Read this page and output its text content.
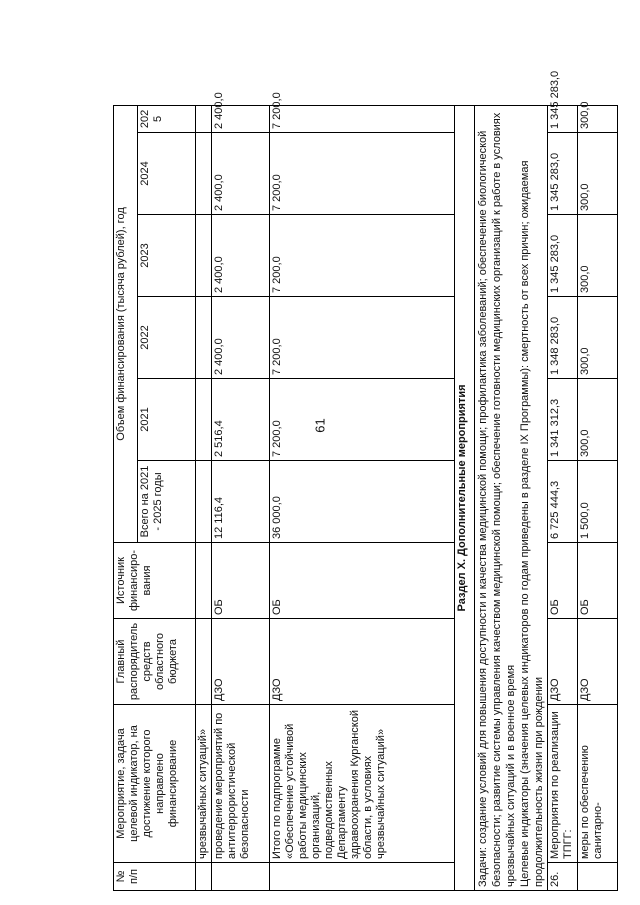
61
№ п/п	Мероприятие, задача целевой индикатор, на достижение которого направлено финансирование	Главный распорядитель средств областного бюджета	Источник финансиро-вания	Объем финансирования (тысяча рублей), год					
				Всего на 2021 - 2025 годы	2021	2022	2023	2024	2025
	чрезвычайных ситуаций»								
	проведение мероприятий по антитеррористической безопасности	ДЗО	ОБ	12 116,4	2 516,4	2 400,0	2 400,0	2 400,0	2 400,0
	Итого по подпрограмме «Обеспечение устойчивой работы медицинских организаций, подведомственных Департаменту здравоохранения Курганской области, в условиях чрезвычайных ситуаций»	ДЗО	ОБ	36 000,0	7 200,0	7 200,0	7 200,0	7 200,0	7 200,0
Раздел X. Дополнительные мероприятия									

Задачи: создание условий для повышения доступности и качества медицинской помощи; профилактика заболеваний; обеспечение биологической безопасности; развитие системы управления качеством медицинской помощи; обеспечение готовности медицинских организаций к работе в условиях чрезвычайных ситуаций и в военное время Целевые индикаторы (значения целевых индикаторов по годам приведены в разделе IX Программы): смертность от всех причин; ожидаемая продолжительность жизни при рождении									

26.	Мероприятия по реализации ТПГГ:	ДЗО	ОБ	6 725 444,3	1 341 312,3	1 348 283,0	1 345 283,0	1 345 283,0	1 345 283,0
	меры по обеспечению санитарно-	ДЗО	ОБ	1 500,0	300,0	300,0	300,0	300,0	300,0
